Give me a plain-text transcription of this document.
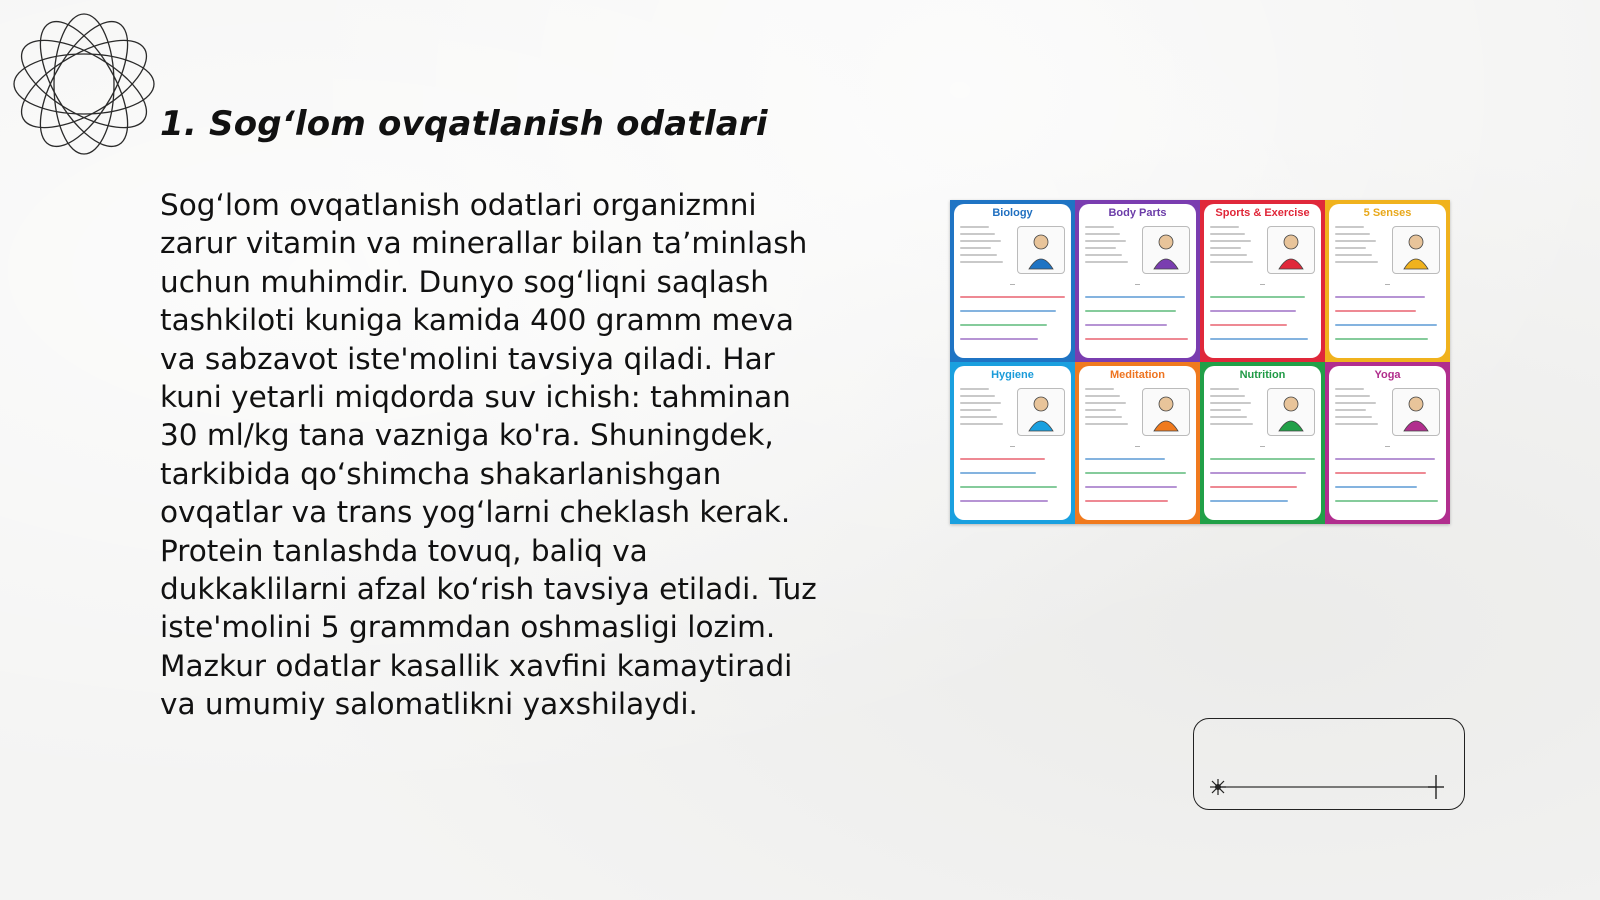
1. Sog‘lom ovqatlanish odatlari

Sog‘lom ovqatlanish odatlari organizmni zarur vitamin va minerallar bilan ta’minlash uchun muhimdir. Dunyo sog‘liqni saqlash tashkiloti kuniga kamida 400 gramm meva va sabzavot iste'molini tavsiya qiladi. Har kuni yetarli miqdorda suv ichish: tahminan 30 ml/kg tana vazniga ko'ra. Shuningdek, tarkibida qo‘shimcha shakarlanishgan ovqatlar va trans yog‘larni cheklash kerak. Protein tanlashda tovuq, baliq va dukkaklilarni afzal ko‘rish tavsiya etiladi. Tuz iste'molini 5 grammdan oshmasligi lozim. Mazkur odatlar kasallik xavfini kamaytiradi va umumiy salomatlikni yaxshilaydi.

Biology
—
Body Parts
—
Sports & Exercise
—
5 Senses
—
Hygiene
—
Meditation
—
Nutrition
—
Yoga
—
